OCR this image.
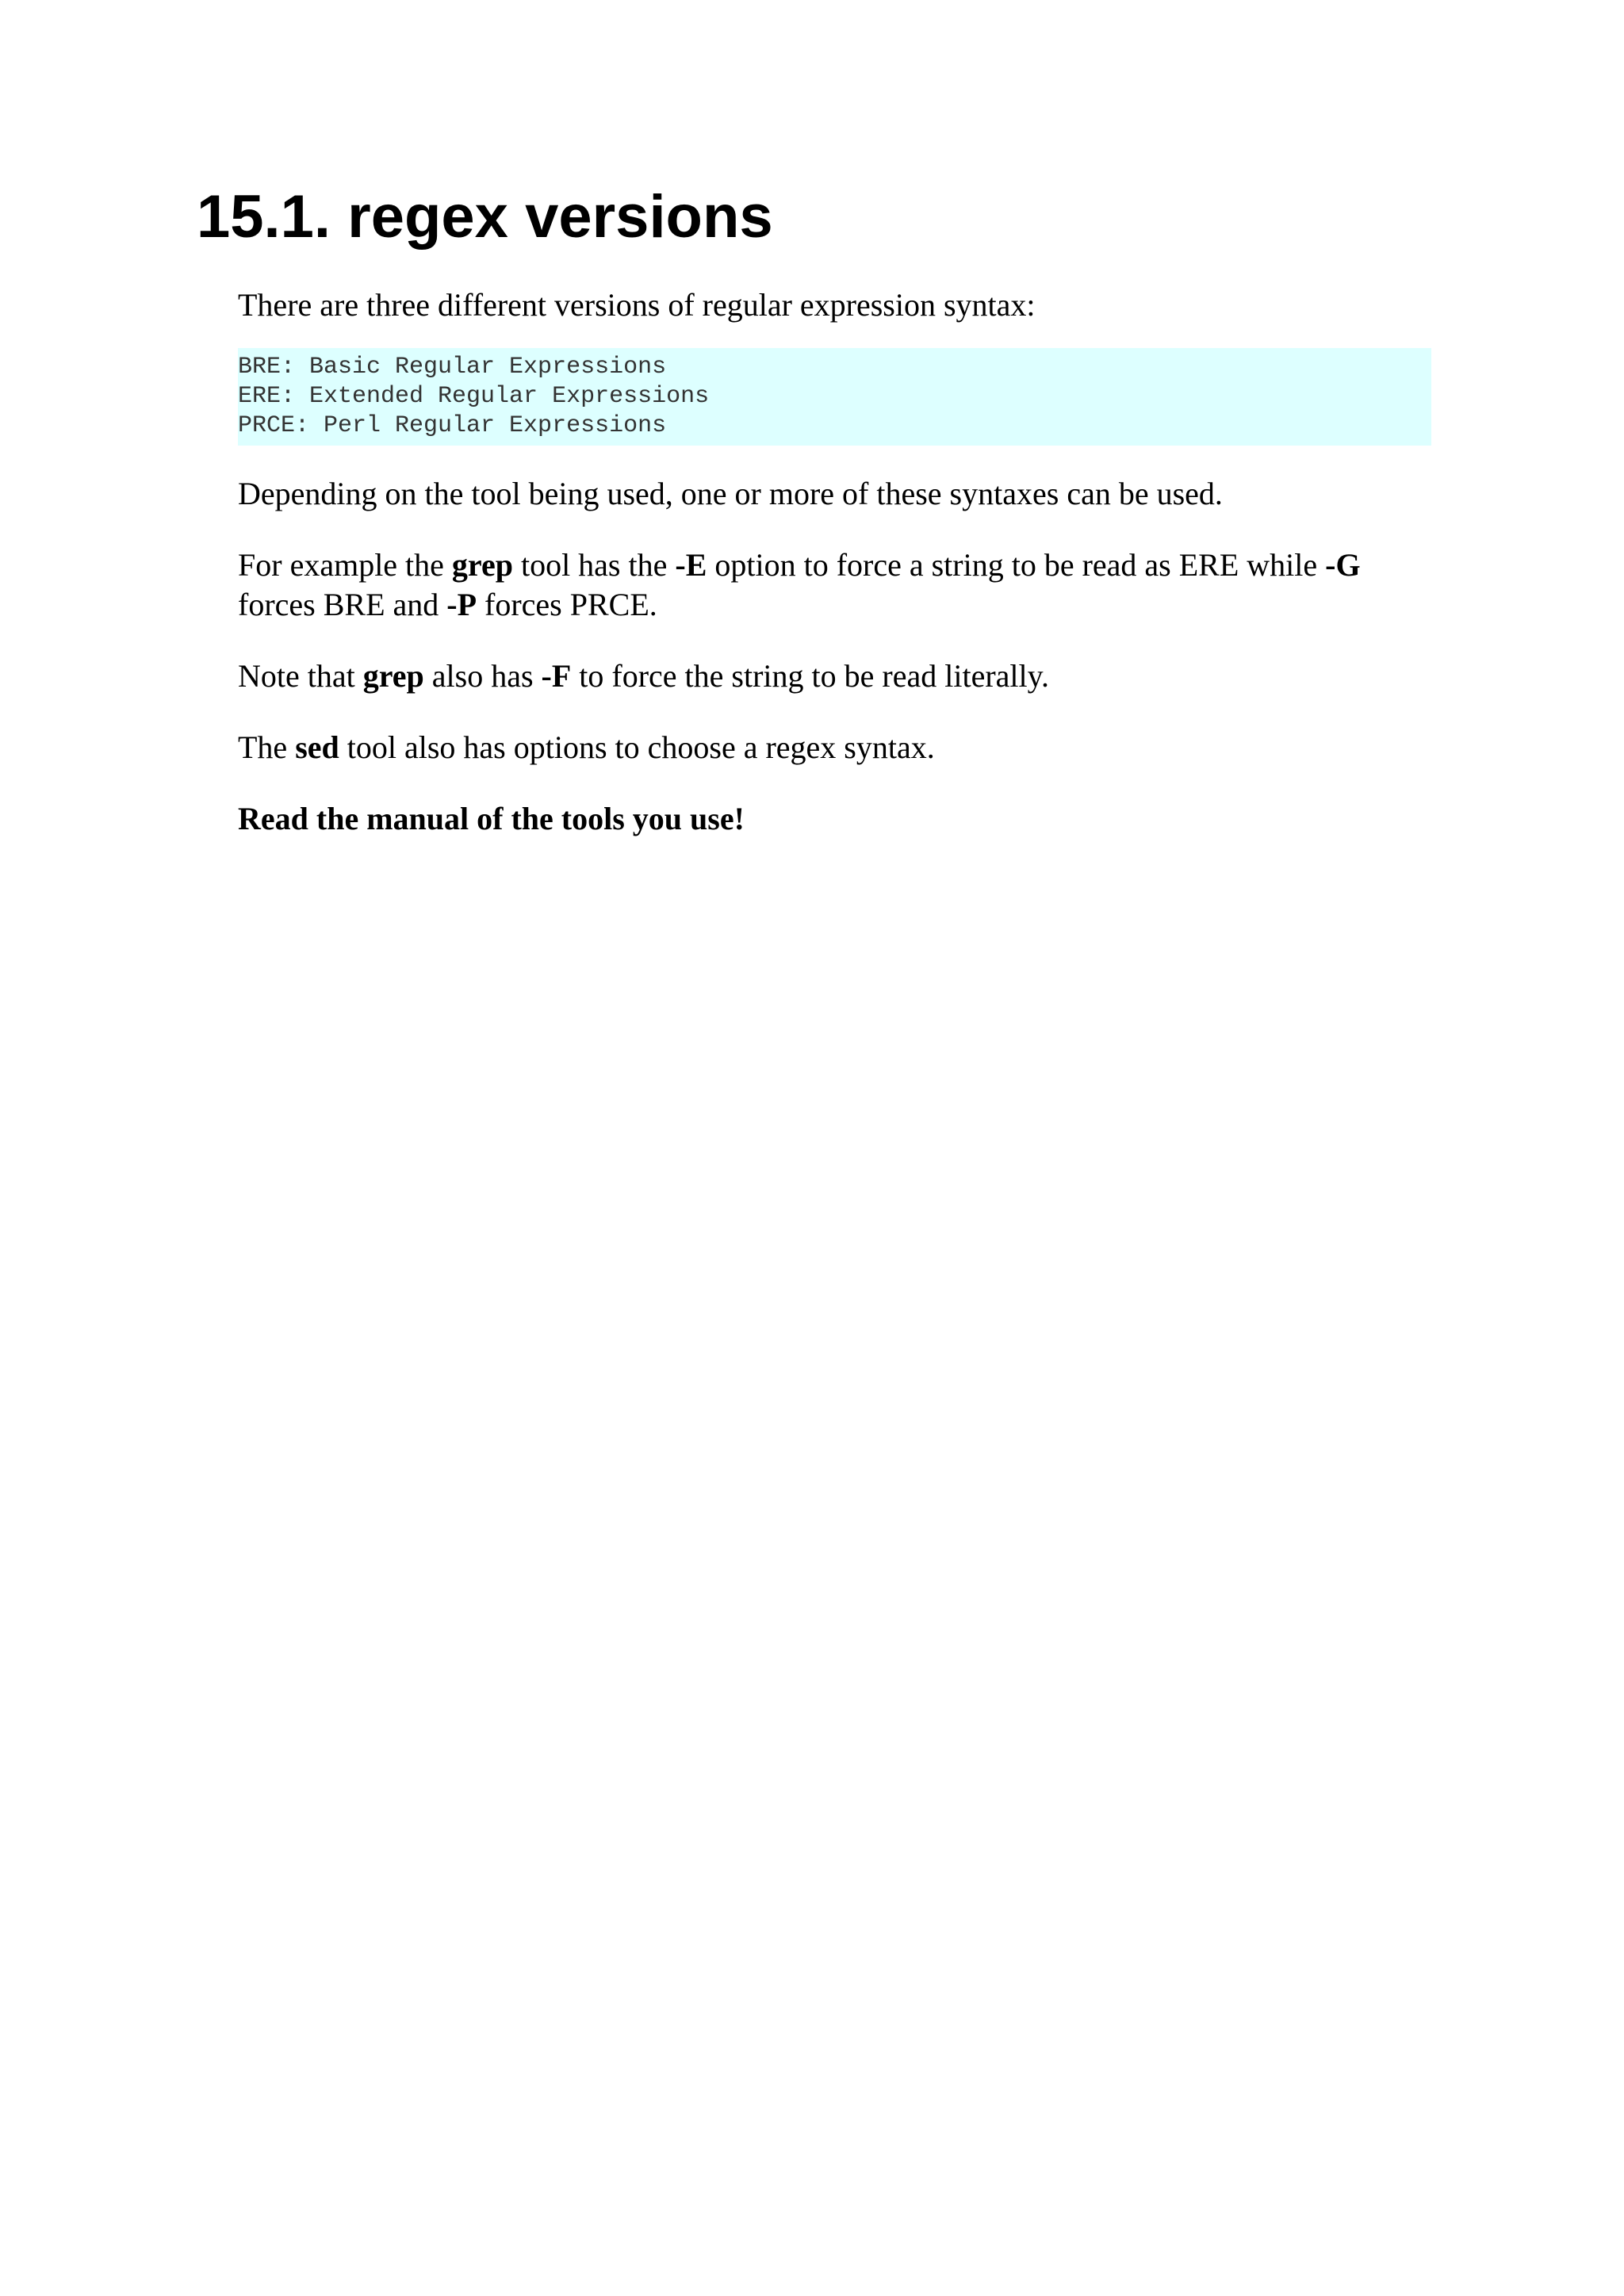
15.1. regex versions

There are three different versions of regular expression syntax:

BRE: Basic Regular Expressions
ERE: Extended Regular Expressions
PRCE: Perl Regular Expressions

Depending on the tool being used, one or more of these syntaxes can be used.

For example the grep tool has the -E option to force a string to be read as ERE while -G forces BRE and -P forces PRCE.

Note that grep also has -F to force the string to be read literally.

The sed tool also has options to choose a regex syntax.

Read the manual of the tools you use!
